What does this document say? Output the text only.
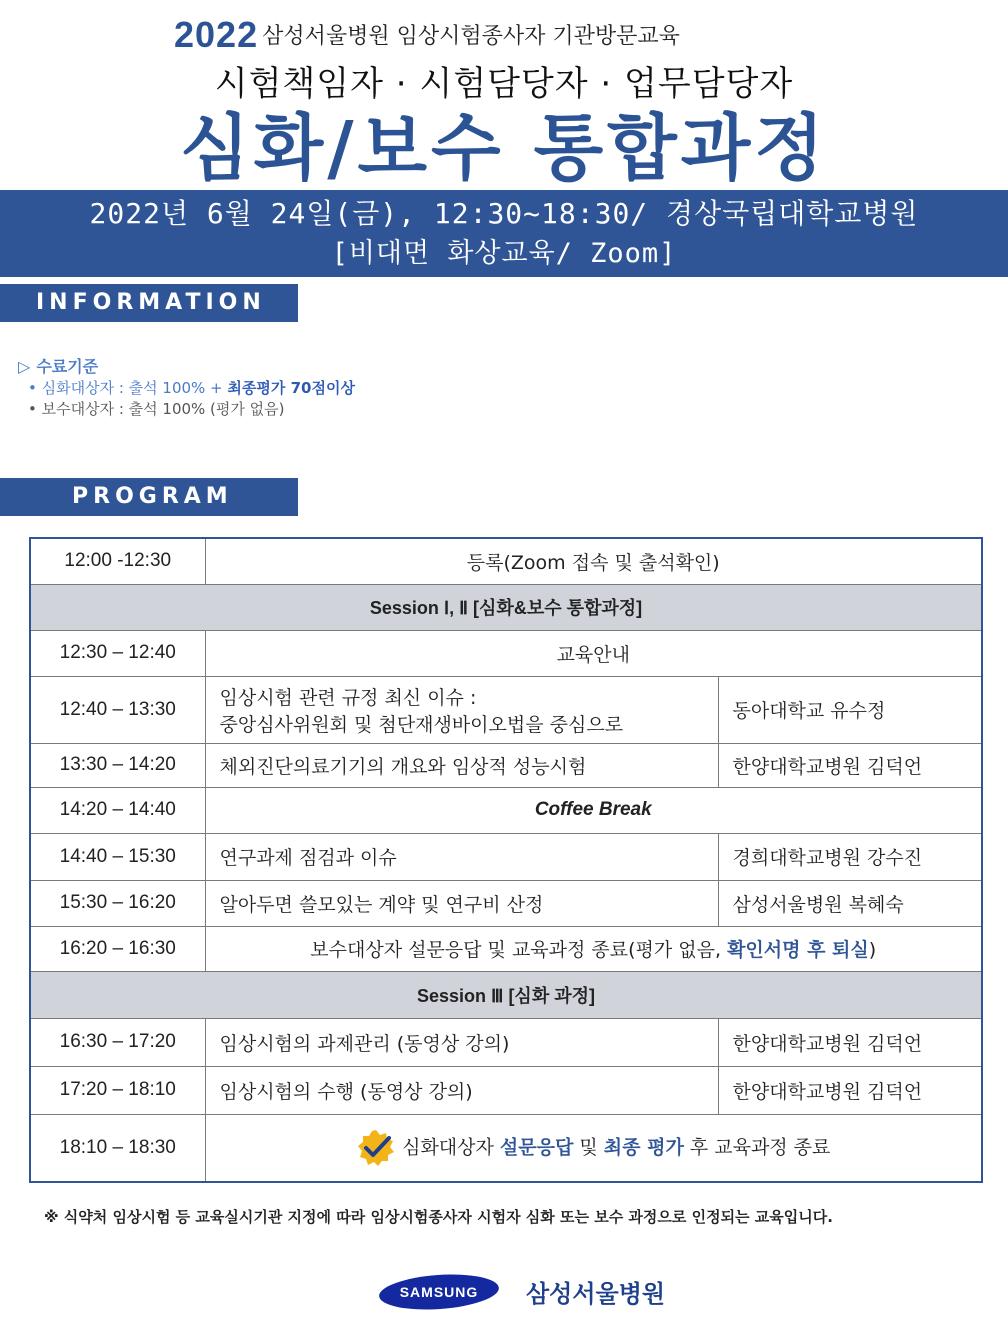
2022 삼성서울병원 임상시험종사자 기관방문교육
시험책임자 · 시험담당자 · 업무담당자
심화/보수 통합과정
2022년 6월 24일(금), 12:30~18:30/ 경상국립대학교병원
[비대면 화상교육/ Zoom]
INFORMATION
▷ 수료기준
• 심화대상자 : 출석 100% + 최종평가 70점이상
• 보수대상자 : 출석 100% (평가 없음)
PROGRAM
12:00 -12:30	등록(Zoom 접속 및 출석확인)	
Session Ⅰ, Ⅱ [심화&보수 통합과정]		
12:30 – 12:40	교육안내	
12:40 – 13:30	임상시험 관련 규정 최신 이슈 :
중앙심사위원회 및 첨단재생바이오법을 중심으로	동아대학교 유수정
13:30 – 14:20	체외진단의료기기의 개요와 임상적 성능시험	한양대학교병원 김덕언
14:20 – 14:40	Coffee Break	
14:40 – 15:30	연구과제 점검과 이슈	경희대학교병원 강수진
15:30 – 16:20	알아두면 쓸모있는 계약 및 연구비 산정	삼성서울병원 복혜숙
16:20 – 16:30	보수대상자 설문응답 및 교육과정 종료(평가 없음, 확인서명 후 퇴실)	
Session Ⅲ [심화 과정]		
16:30 – 17:20	임상시험의 과제관리 (동영상 강의)	한양대학교병원 김덕언
17:20 – 18:10	임상시험의 수행 (동영상 강의)	한양대학교병원 김덕언
18:10 – 18:30	심화대상자 설문응답 및 최종 평가 후 교육과정 종료	
※ 식약처 임상시험 등 교육실시기관 지정에 따라 임상시험종사자 시험자 심화 또는 보수 과정으로 인정되는 교육입니다.
SAMSUNG 삼성서울병원
